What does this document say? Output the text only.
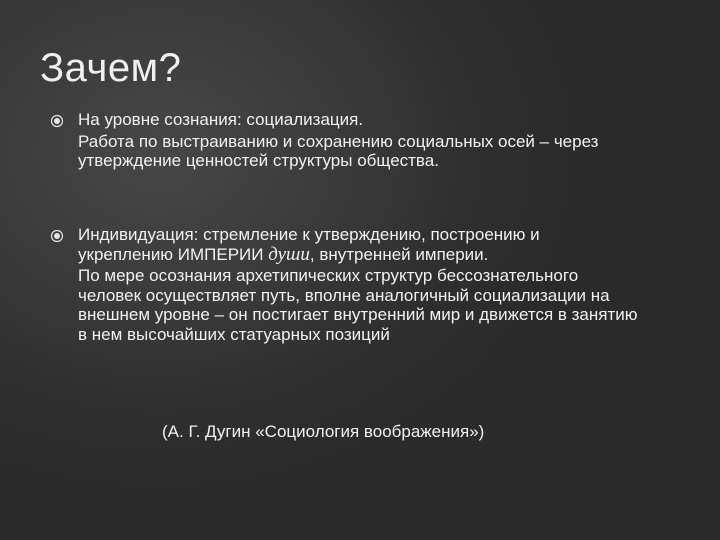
Зачем?

На уровне сознания: социализация.

Работа по выстраиванию и сохранению социальных осей – через утверждение ценностей структуры общества.

Индивидуация: стремление к утверждению, построению и укреплению ИМПЕРИИ души, внутренней империи.

По мере осознания архетипических структур бессознательного человек осуществляет путь, вполне аналогичный социализации на внешнем уровне – он постигает внутренний мир и движется в занятию в нем высочайших статуарных позиций

(А. Г. Дугин «Социология воображения»)
